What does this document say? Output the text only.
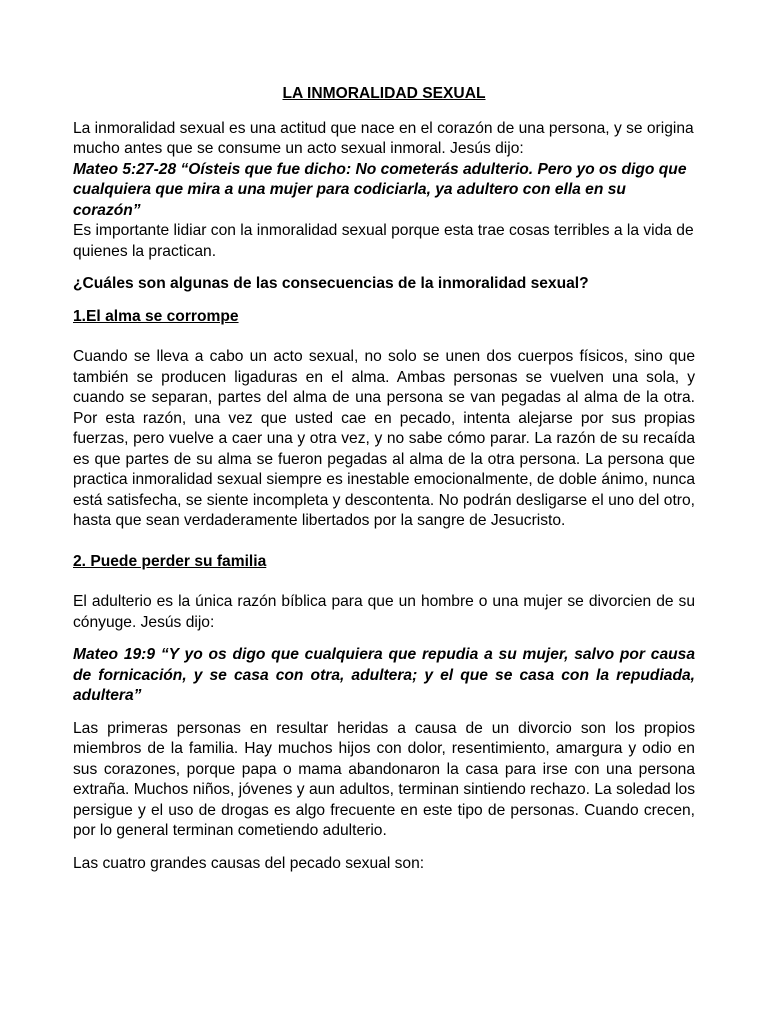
LA INMORALIDAD SEXUAL

La inmoralidad sexual es una actitud que nace en el corazón de una persona, y se origina mucho antes que se consume un acto sexual inmoral. Jesús dijo:

Mateo 5:27-28 “Oísteis que fue dicho: No cometerás adulterio. Pero yo os digo que cualquiera que mira a una mujer para codiciarla, ya adultero con ella en su corazón”

Es importante lidiar con la inmoralidad sexual porque esta trae cosas terribles a la vida de quienes la practican.

¿Cuáles son algunas de las consecuencias de la inmoralidad sexual?

1.El alma se corrompe

Cuando se lleva a cabo un acto sexual, no solo se unen dos cuerpos físicos, sino que también se producen ligaduras en el alma. Ambas personas se vuelven una sola, y cuando se separan, partes del alma de una persona se van pegadas al alma de la otra. Por esta razón, una vez que usted cae en pecado, intenta alejarse por sus propias fuerzas, pero vuelve a caer una y otra vez, y no sabe cómo parar. La razón de su recaída es que partes de su alma se fueron pegadas al alma de la otra persona. La persona que practica inmoralidad sexual siempre es inestable emocionalmente, de doble ánimo, nunca está satisfecha, se siente incompleta y descontenta. No podrán desligarse el uno del otro, hasta que sean verdaderamente libertados por la sangre de Jesucristo.

2. Puede perder su familia

El adulterio es la única razón bíblica para que un hombre o una mujer se divorcien de su cónyuge. Jesús dijo:

Mateo 19:9 “Y yo os digo que cualquiera que repudia a su mujer, salvo por causa de fornicación, y se casa con otra, adultera; y el que se casa con la repudiada, adultera”

Las primeras personas en resultar heridas a causa de un divorcio son los propios miembros de la familia. Hay muchos hijos con dolor, resentimiento, amargura y odio en sus corazones, porque papa o mama abandonaron la casa para irse con una persona extraña. Muchos niños, jóvenes y aun adultos, terminan sintiendo rechazo. La soledad los persigue y el uso de drogas es algo frecuente en este tipo de personas. Cuando crecen, por lo general terminan cometiendo adulterio.

Las cuatro grandes causas del pecado sexual son:
